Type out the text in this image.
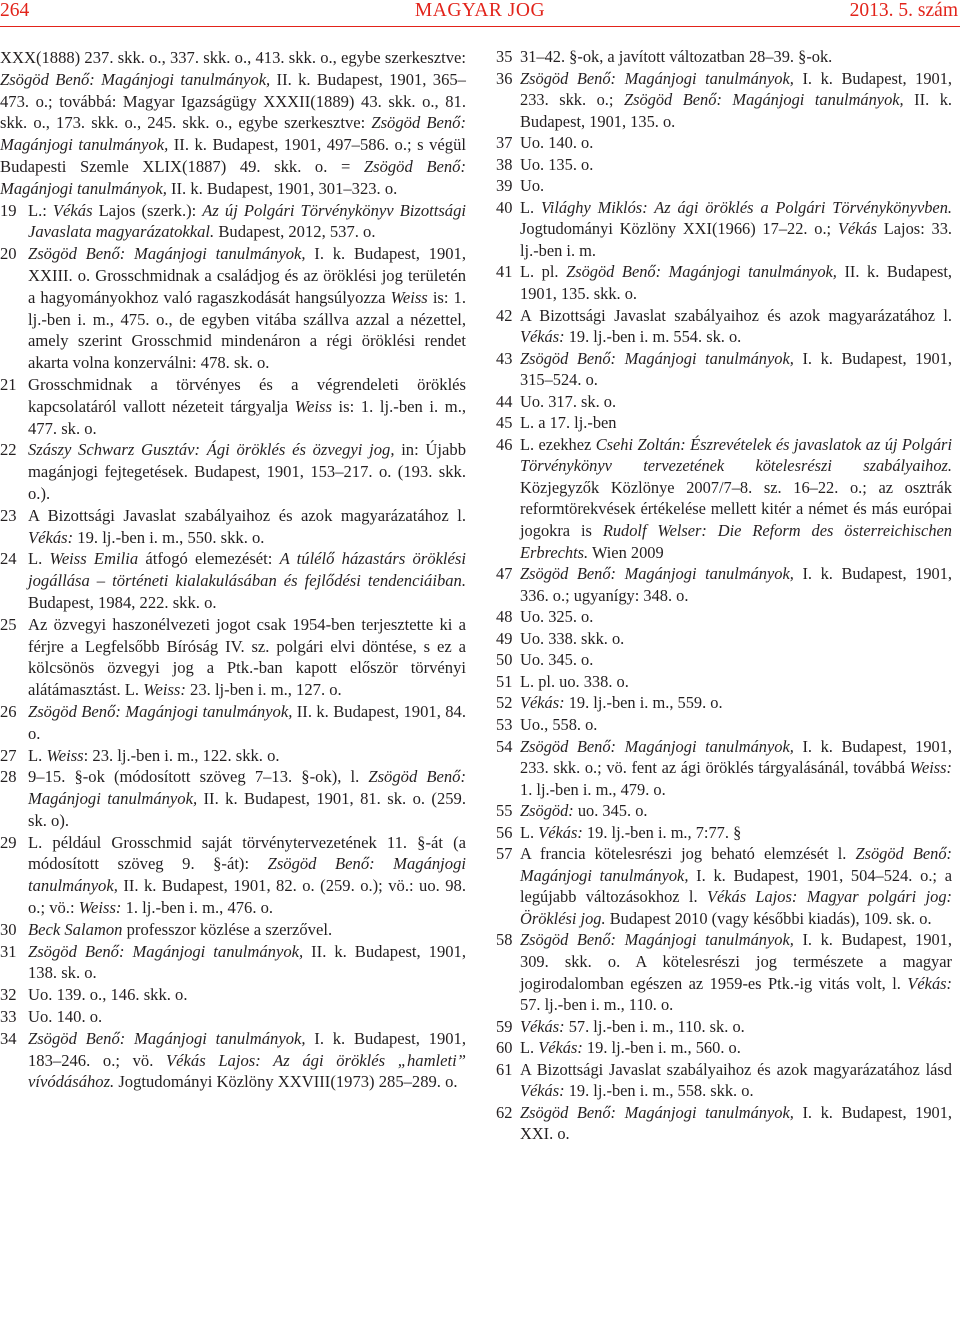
264	MAGYAR JOG	2013. 5. szám
XXX(1888) 237. skk. o., 337. skk. o., 413. skk. o., egybe szerkesztve: Zsögöd Benő: Magánjogi tanulmányok, II. k. Budapest, 1901, 365–473. o.; továbbá: Magyar Igazságügy XXXII(1889) 43. skk. o., 81. skk. o., 173. skk. o., 245. skk. o., egybe szerkesztve: Zsögöd Benő: Magánjogi tanulmányok, II. k. Budapest, 1901, 497–586. o.; s végül Budapesti Szemle XLIX(1887) 49. skk. o. = Zsögöd Benő: Magánjogi tanulmányok, II. k. Budapest, 1901, 301–323. o.
19 L.: Vékás Lajos (szerk.): Az új Polgári Törvénykönyv Bizottsági Javaslata magyarázatokkal. Budapest, 2012, 537. o.
20 Zsögöd Benő: Magánjogi tanulmányok, I. k. Budapest, 1901, XXIII. o. Grosschmidnak a családjog és az öröklési jog területén a hagyományokhoz való ragaszkodását hangsúlyozza Weiss is: 1. lj.-ben i. m., 475. o., de egyben vitába szállva azzal a nézettel, amely szerint Grosschmid mindenáron a régi öröklési rendet akarta volna konzerválni: 478. sk. o.
21 Grosschmidnak a törvényes és a végrendeleti öröklés kapcsolatáról vallott nézeteit tárgyalja Weiss is: 1. lj.-ben i. m., 477. sk. o.
22 Szászy Schwarz Gusztáv: Ági öröklés és özvegyi jog, in: Újabb magánjogi fejtegetések. Budapest, 1901, 153–217. o. (193. skk. o.).
23 A Bizottsági Javaslat szabályaihoz és azok magyarázatához l. Vékás: 19. lj.-ben i. m., 550. skk. o.
24 L. Weiss Emilia átfogó elemezését: A túlélő házastárs öröklési jogállása – történeti kialakulásában és fejlődési tendenciáiban. Budapest, 1984, 222. skk. o.
25 Az özvegyi haszonélvezeti jogot csak 1954-ben terjesztette ki a férjre a Legfelsőbb Bíróság IV. sz. polgári elvi döntése, s ez a kölcsönös özvegyi jog a Ptk.-ban kapott először törvényi alátámasztást. L. Weiss: 23. lj-ben i. m., 127. o.
26 Zsögöd Benő: Magánjogi tanulmányok, II. k. Budapest, 1901, 84. o.
27 L. Weiss: 23. lj.-ben i. m., 122. skk. o.
28 9–15. §-ok (módosított szöveg 7–13. §-ok), l. Zsögöd Benő: Magánjogi tanulmányok, II. k. Budapest, 1901, 81. sk. o. (259. sk. o).
29 L. például Grosschmid saját törvénytervezetének 11. §-át (a módosított szöveg 9. §-át): Zsögöd Benő: Magánjogi tanulmányok, II. k. Budapest, 1901, 82. o. (259. o.); vö.: uo. 98. o.; vö.: Weiss: 1. lj.-ben i. m., 476. o.
30 Beck Salamon professzor közlése a szerzővel.
31 Zsögöd Benő: Magánjogi tanulmányok, II. k. Budapest, 1901, 138. sk. o.
32 Uo. 139. o., 146. skk. o.
33 Uo. 140. o.
34 Zsögöd Benő: Magánjogi tanulmányok, I. k. Budapest, 1901, 183–246. o.; vö. Vékás Lajos: Az ági öröklés „hamleti” vívódásához. Jogtudományi Közlöny XXVIII(1973) 285–289. o.
35 31–42. §-ok, a javított változatban 28–39. §-ok.
36 Zsögöd Benő: Magánjogi tanulmányok, I. k. Budapest, 1901, 233. skk. o.; Zsögöd Benő: Magánjogi tanulmányok, II. k. Budapest, 1901, 135. o.
37 Uo. 140. o.
38 Uo. 135. o.
39 Uo.
40 L. Világhy Miklós: Az ági öröklés a Polgári Törvénykönyvben. Jogtudományi Közlöny XXI(1966) 17–22. o.; Vékás Lajos: 33. lj.-ben i. m.
41 L. pl. Zsögöd Benő: Magánjogi tanulmányok, II. k. Budapest, 1901, 135. skk. o.
42 A Bizottsági Javaslat szabályaihoz és azok magyarázatához l. Vékás: 19. lj.-ben i. m. 554. sk. o.
43 Zsögöd Benő: Magánjogi tanulmányok, I. k. Budapest, 1901, 315–524. o.
44 Uo. 317. sk. o.
45 L. a 17. lj.-ben
46 L. ezekhez Csehi Zoltán: Észrevételek és javaslatok az új Polgári Törvénykönyv tervezetének kötelesrészi szabályaihoz. Közjegyzők Közlönye 2007/7–8. sz. 16–22. o.; az osztrák reformtörekvések értékelése mellett kitér a német és más európai jogokra is Rudolf Welser: Die Reform des österreichischen Erbrechts. Wien 2009
47 Zsögöd Benő: Magánjogi tanulmányok, I. k. Budapest, 1901, 336. o.; ugyanígy: 348. o.
48 Uo. 325. o.
49 Uo. 338. skk. o.
50 Uo. 345. o.
51 L. pl. uo. 338. o.
52 Vékás: 19. lj.-ben i. m., 559. o.
53 Uo., 558. o.
54 Zsögöd Benő: Magánjogi tanulmányok, I. k. Budapest, 1901, 233. skk. o.; vö. fent az ági öröklés tárgyalásánál, továbbá Weiss: 1. lj.-ben i. m., 479. o.
55 Zsögöd: uo. 345. o.
56 L. Vékás: 19. lj.-ben i. m., 7:77. §
57 A francia kötelesrészi jog beható elemzését l. Zsögöd Benő: Magánjogi tanulmányok, I. k. Budapest, 1901, 504–524. o.; a legújabb változásokhoz l. Vékás Lajos: Magyar polgári jog: Öröklési jog. Budapest 2010 (vagy későbbi kiadás), 109. sk. o.
58 Zsögöd Benő: Magánjogi tanulmányok, I. k. Budapest, 1901, 309. skk. o. A kötelesrészi jog természete a magyar jogirodalomban egészen az 1959-es Ptk.-ig vitás volt, l. Vékás: 57. lj.-ben i. m., 110. o.
59 Vékás: 57. lj.-ben i. m., 110. sk. o.
60 L. Vékás: 19. lj.-ben i. m., 560. o.
61 A Bizottsági Javaslat szabályaihoz és azok magyarázatához lásd Vékás: 19. lj.-ben i. m., 558. skk. o.
62 Zsögöd Benő: Magánjogi tanulmányok, I. k. Budapest, 1901, XXI. o.
